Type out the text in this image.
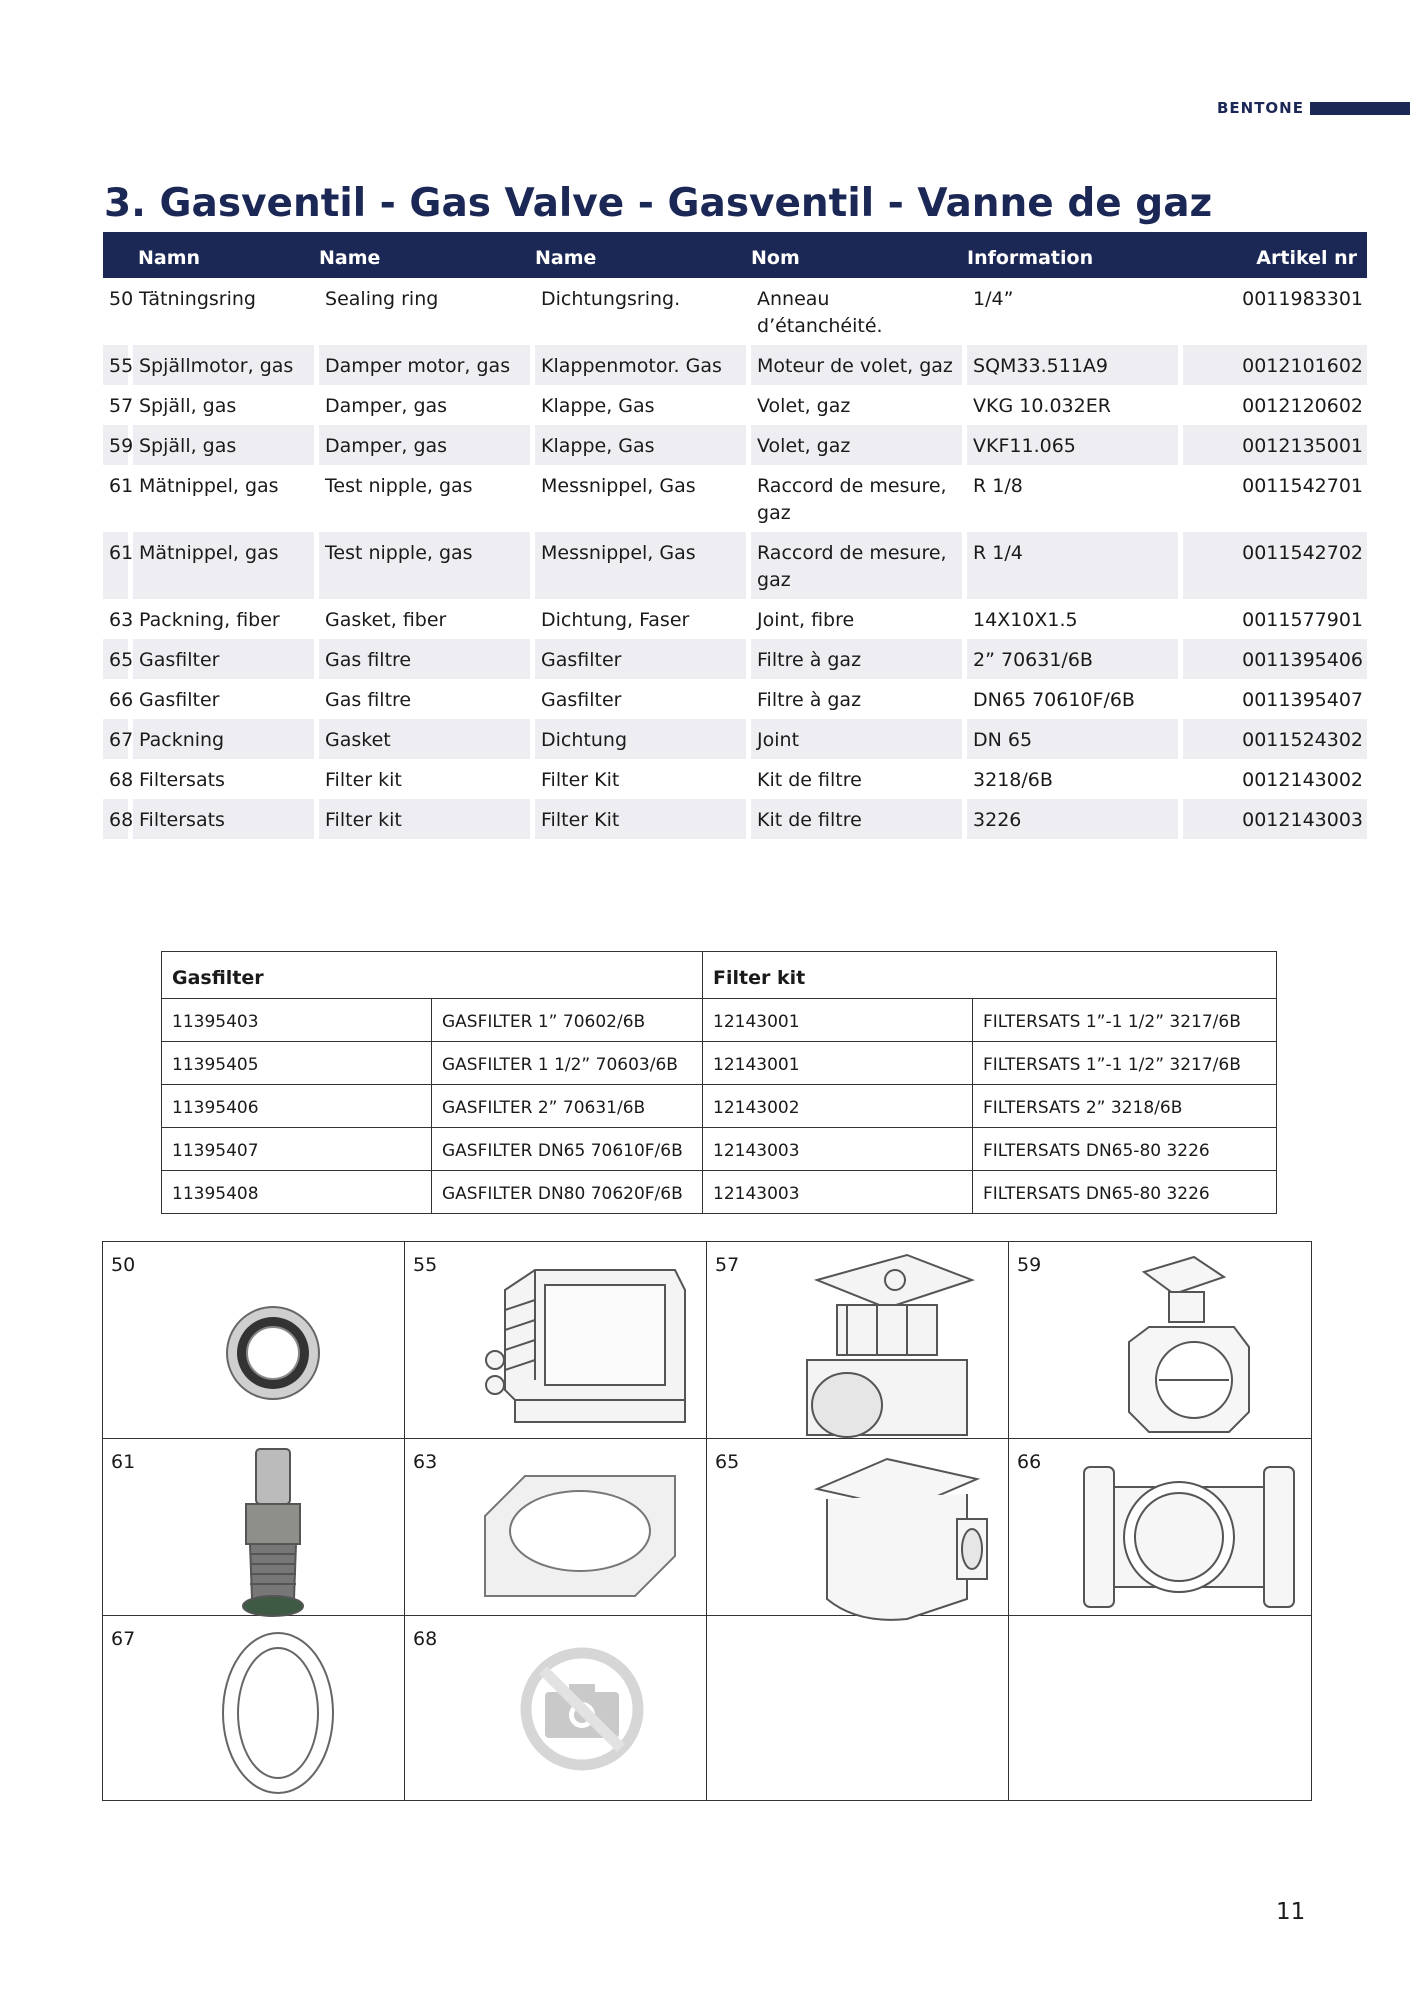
BENTONE
3. Gasventil - Gas Valve - Gasventil - Vanne de gaz
Namn		Name	Name	Nom	Information	Artikel nr
50	Tätningsring	Sealing ring	Dichtungsring.	Anneau d’étanchéité.	1/4”	0011983301
55	Spjällmotor, gas	Damper motor, gas	Klappenmotor. Gas	Moteur de volet, gaz	SQM33.511A9	0012101602
57	Spjäll, gas	Damper, gas	Klappe, Gas	Volet, gaz	VKG 10.032ER	0012120602
59	Spjäll, gas	Damper, gas	Klappe, Gas	Volet, gaz	VKF11.065	0012135001
61	Mätnippel, gas	Test nipple, gas	Messnippel, Gas	Raccord de mesure, gaz	R 1/8	0011542701
61	Mätnippel, gas	Test nipple, gas	Messnippel, Gas	Raccord de mesure, gaz	R 1/4	0011542702
63	Packning, fiber	Gasket, fiber	Dichtung, Faser	Joint, fibre	14X10X1.5	0011577901
65	Gasfilter	Gas filtre	Gasfilter	Filtre à gaz	2” 70631/6B	0011395406
66	Gasfilter	Gas filtre	Gasfilter	Filtre à gaz	DN65 70610F/6B	0011395407
67	Packning	Gasket	Dichtung	Joint	DN 65	0011524302
68	Filtersats	Filter kit	Filter Kit	Kit de filtre	3218/6B	0012143002
68	Filtersats	Filter kit	Filter Kit	Kit de filtre	3226	0012143003
Gasfilter		Filter kit	
11395403	GASFILTER 1” 70602/6B	12143001	FILTERSATS 1”-1 1/2” 3217/6B
11395405	GASFILTER 1 1/2” 70603/6B	12143001	FILTERSATS 1”-1 1/2” 3217/6B
11395406	GASFILTER 2” 70631/6B	12143002	FILTERSATS 2” 3218/6B
11395407	GASFILTER DN65 70610F/6B	12143003	FILTERSATS DN65-80 3226
11395408	GASFILTER DN80 70620F/6B	12143003	FILTERSATS DN65-80 3226
50	55	57	59
61	63	65	66
67	68
11
